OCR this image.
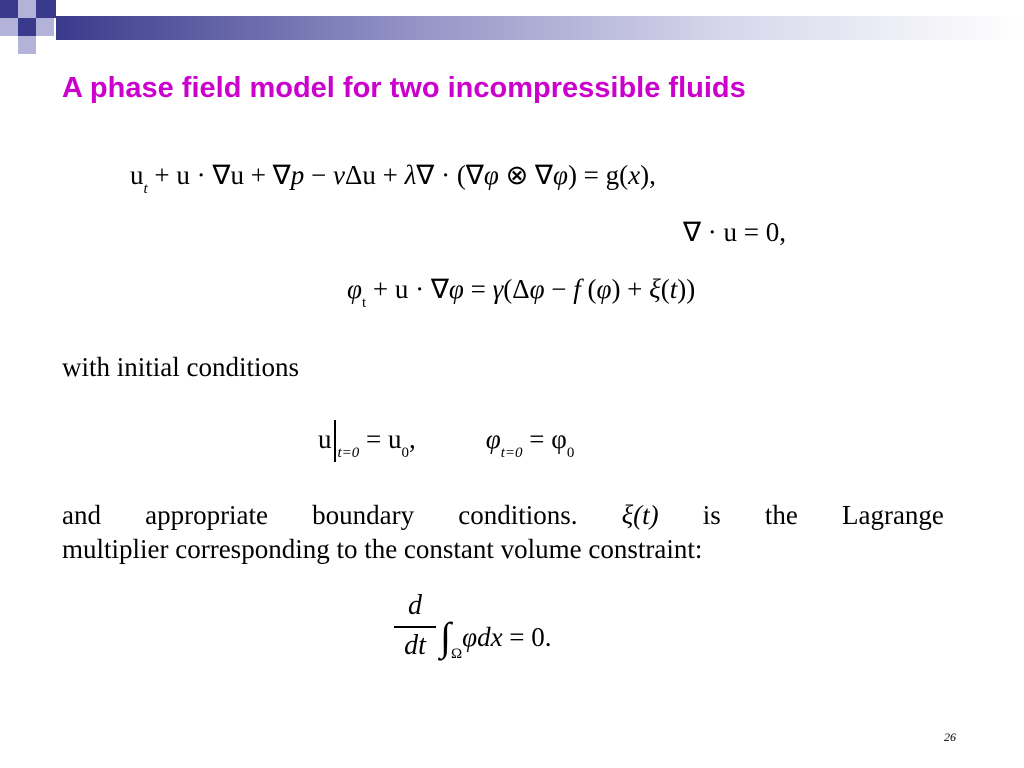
A phase field model for two incompressible fluids
$u_t + u \cdot \nabla u + \nabla p - \nu\Delta u + \lambda\nabla \cdot (\nabla\varphi$ ⊗ ∇φ) = g(x),
∇ · u = 0,
$\varphi_t + u \cdot \nabla\varphi = \gamma(\Delta\varphi - f$ (φ) + ξ(t))
with initial conditions
u $_{t=0} = u_0$,	$\varphi_{t=0} = \varphi_0$
and appropriate boundary conditions. ξ(t) is the Lagrange
multiplier corresponding to the constant volume constraint:
d
dt $\int_\Omega\varphi dx = 0$.
26
